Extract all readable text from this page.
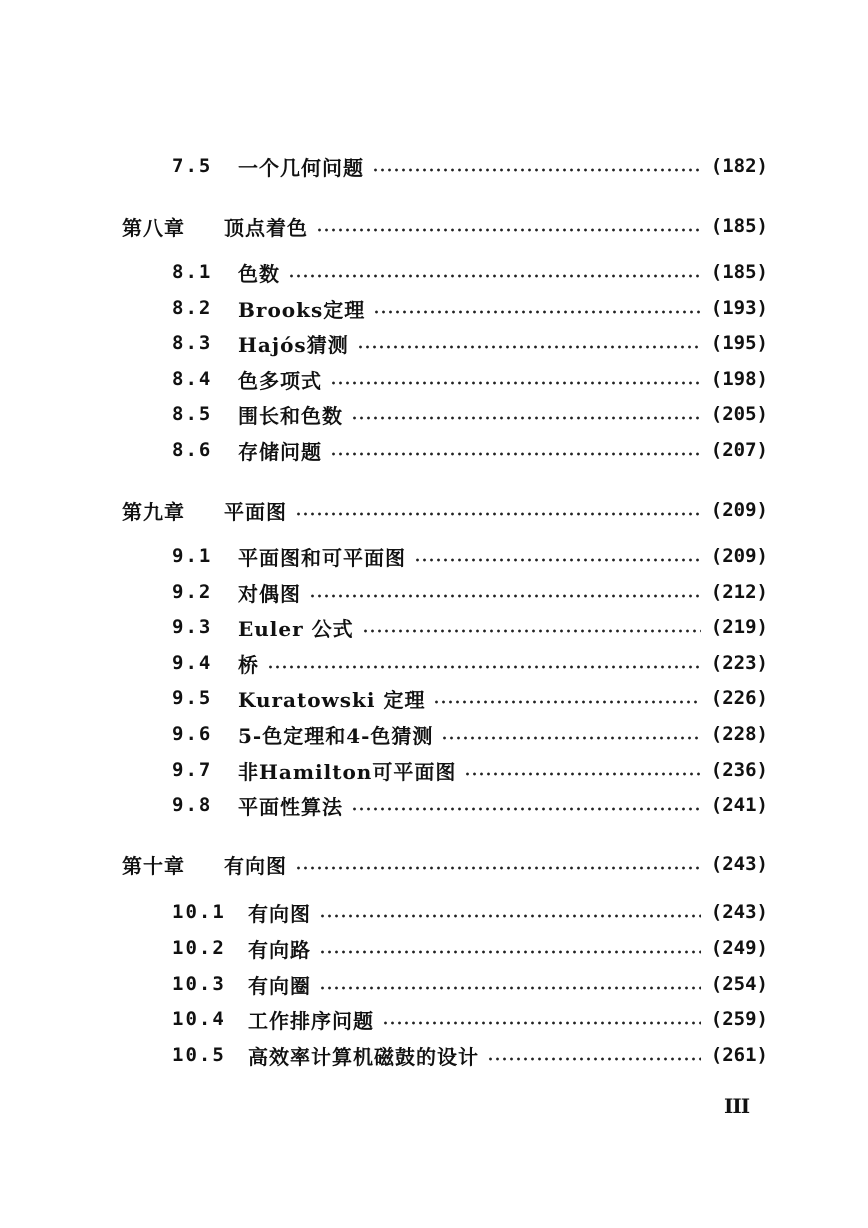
7.5	一个几何问题	(182)
第八章	顶点着色	(185)
8.1	色数	(185)
8.2	Brooks定理	(193)
8.3	Hajós猜测	(195)
8.4	色多项式	(198)
8.5	围长和色数	(205)
8.6	存储问题	(207)
第九章	平面图	(209)
9.1	平面图和可平面图	(209)
9.2	对偶图	(212)
9.3	Euler 公式	(219)
9.4	桥	(223)
9.5	Kuratowski 定理	(226)
9.6	5-色定理和4-色猜测	(228)
9.7	非Hamilton可平面图	(236)
9.8	平面性算法	(241)
第十章	有向图	(243)
10.1	有向图	(243)
10.2	有向路	(249)
10.3	有向圈	(254)
10.4	工作排序问题	(259)
10.5	高效率计算机磁鼓的设计	(261)
III
